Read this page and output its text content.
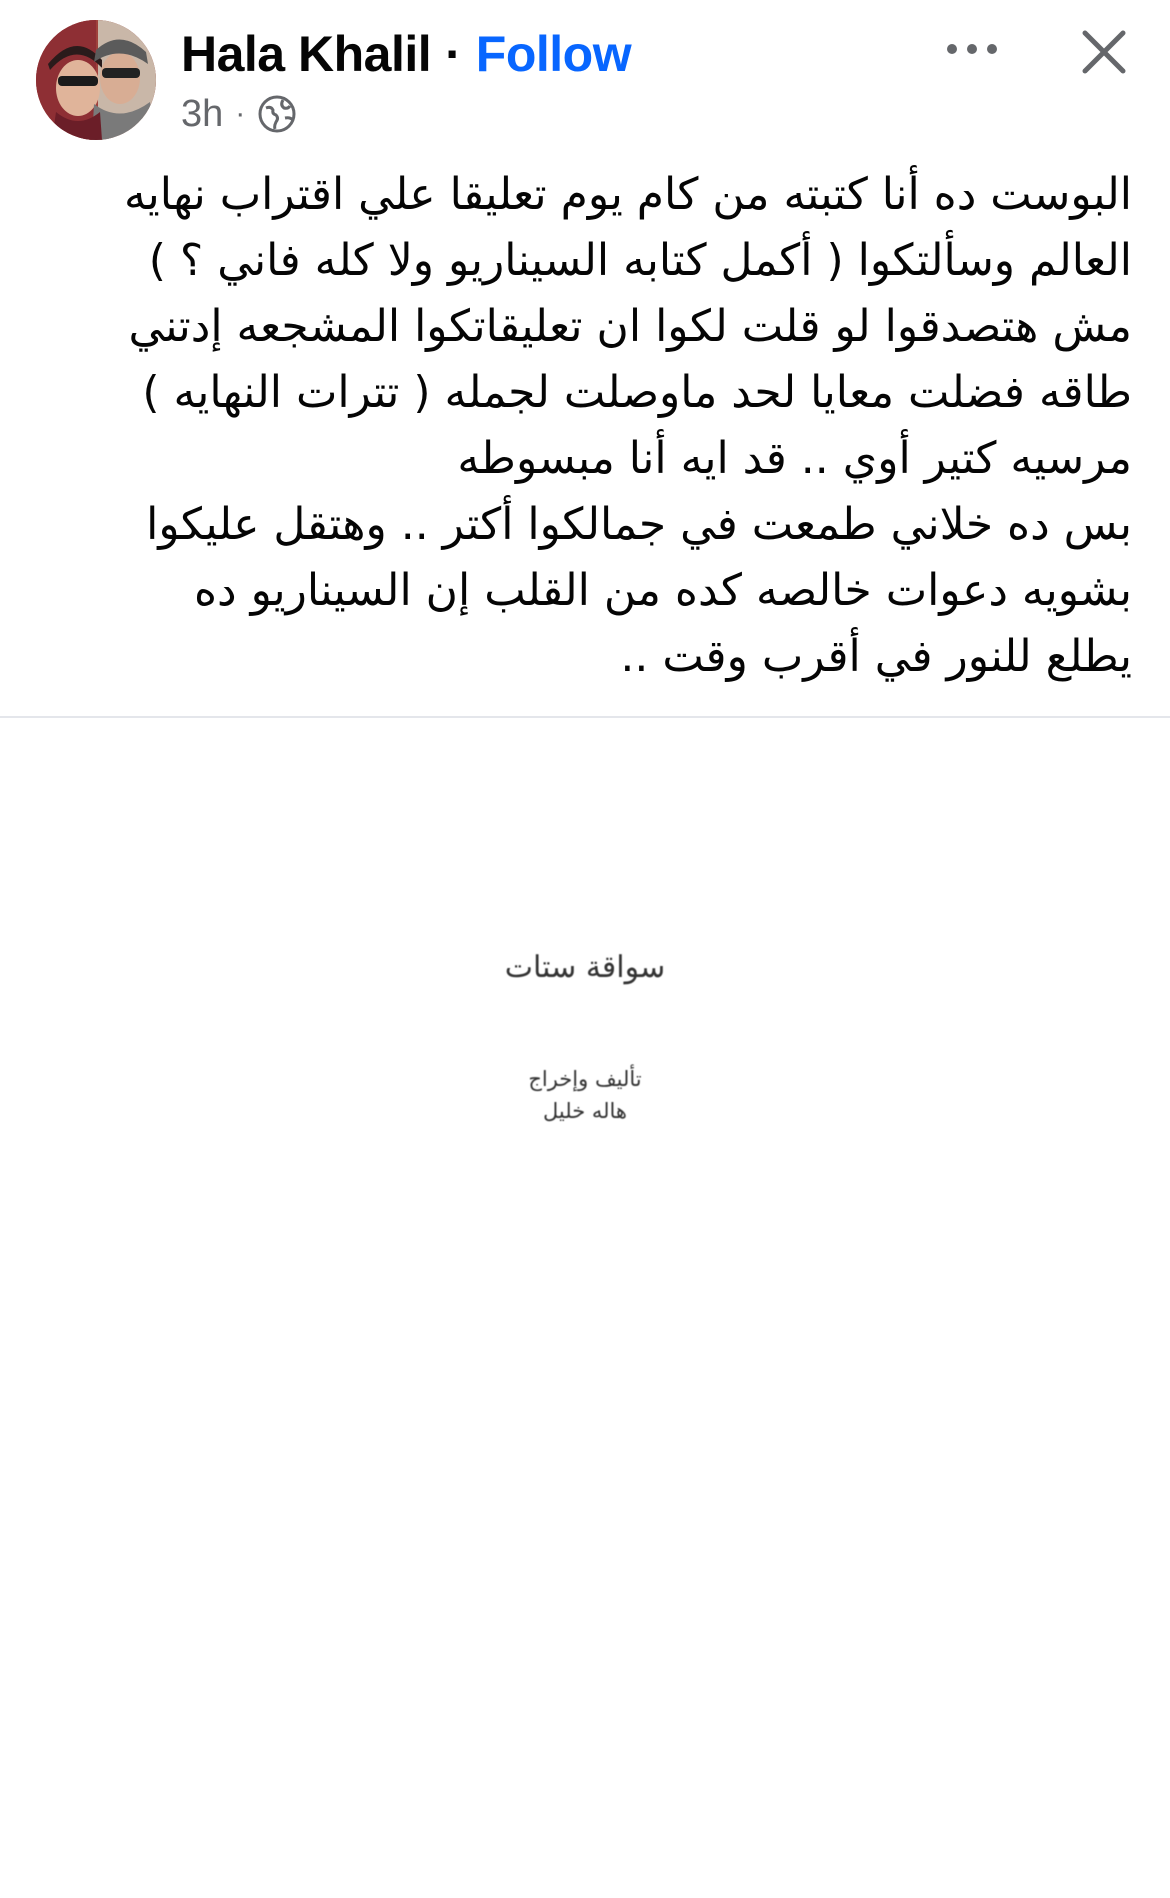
Hala Khalil · Follow
3h ·
البوست ده أنا كتبته من كام يوم تعليقا علي اقتراب نهايه
العالم وسألتكوا ( أكمل كتابه السيناريو ولا كله فاني ؟ )
مش هتصدقوا لو قلت لكوا ان تعليقاتكوا المشجعه إدتني
طاقه فضلت معايا لحد ماوصلت لجمله ( تترات النهايه )
مرسيه كتير أوي .. قد ايه أنا مبسوطه
بس ده خلاني طمعت في جمالكوا أكتر .. وهتقل عليكوا
بشويه دعوات خالصه كده من القلب إن السيناريو ده
يطلع للنور في أقرب وقت ..
سواقة ستات
تأليف وإخراج
هاله خليل
